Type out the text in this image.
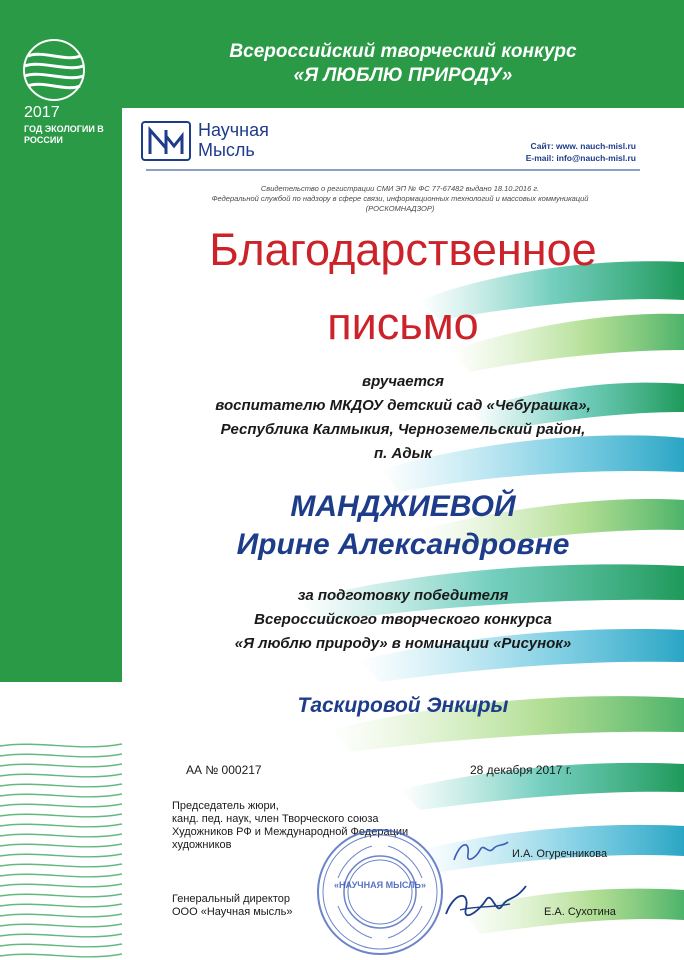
2017
ГОД ЭКОЛОГИИ В РОССИИ
Всероссийский творческий конкурс
«Я ЛЮБЛЮ ПРИРОДУ»
Научная
Мысль	Сайт: www. nauch-misl.ru
E-mail: info@nauch-misl.ru
Свидетельство о регистрации СМИ ЭП № ФС 77-67482 выдано 18.10.2016 г.
Федеральной службой по надзору в сфере связи, информационных технологий и массовых коммуникаций
(РОСКОМНАДЗОР)
Благодарственное
письмо
вручается
воспитателю МКДОУ детский сад «Чебурашка»,
Республика Калмыкия, Черноземельский район,
п. Адык
МАНДЖИЕВОЙ
Ирине Александровне
за подготовку победителя
Всероссийского творческого конкурса
«Я люблю природу» в номинации «Рисунок»
Таскировой Энкиры
АА № 000217	28 декабря 2017 г.
Председатель жюри,
канд. пед. наук, член Творческого союза
Художников РФ и Международной Федерации
художников
И.А. Огуречникова
Генеральный директор
ООО «Научная мысль»	Е.А. Сухотина
«НАУЧНАЯ МЫСЛЬ»
